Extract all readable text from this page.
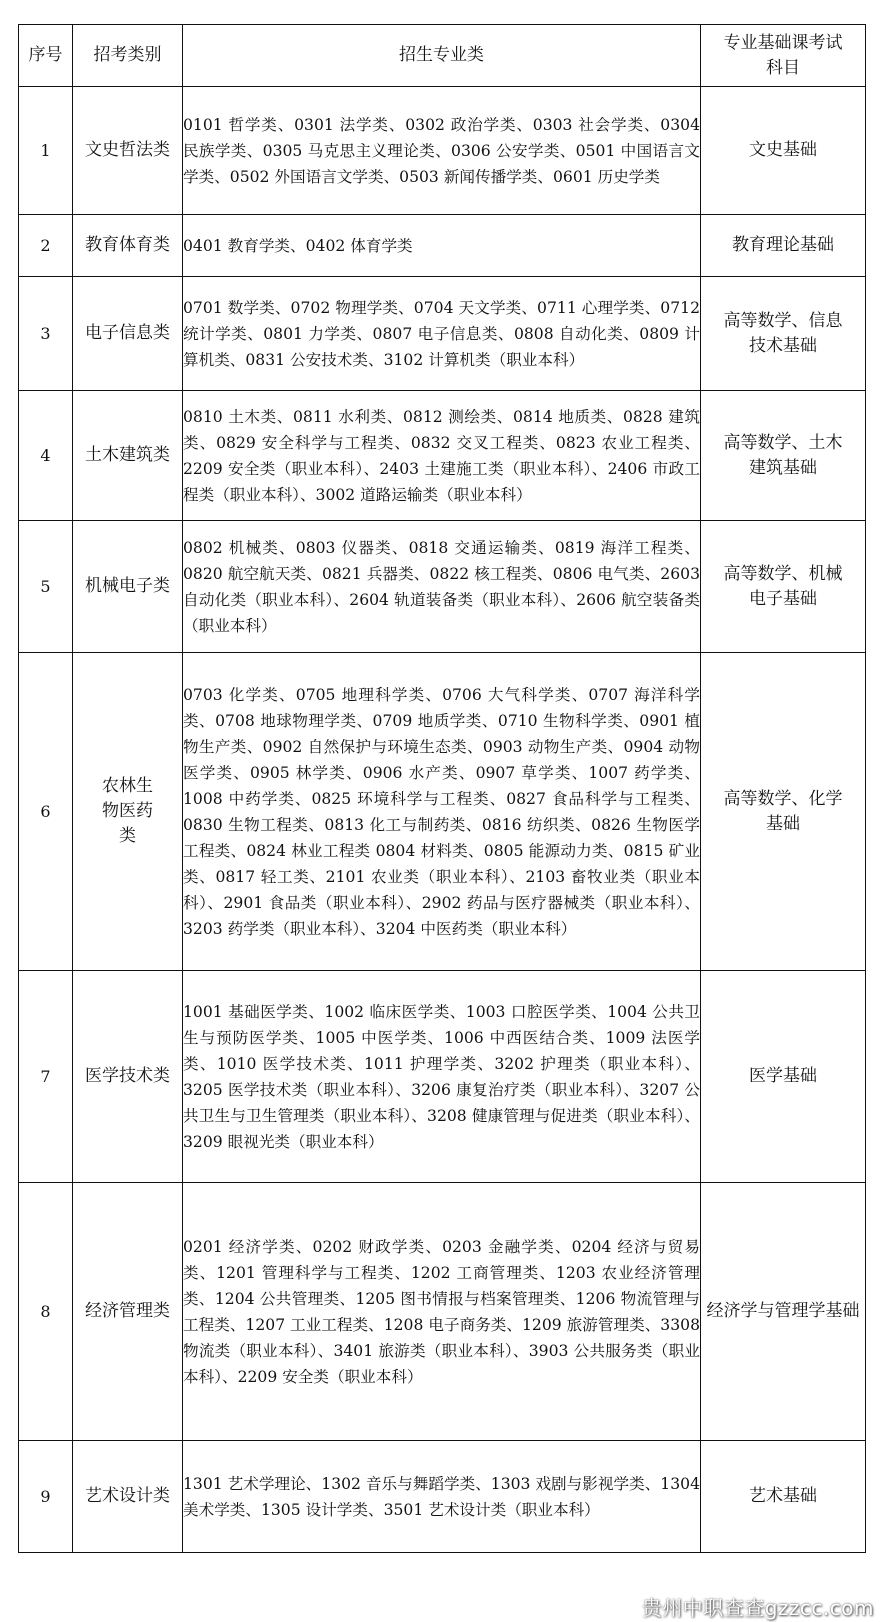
序号	招考类别	招生专业类	专业基础课考试科目
1	文史哲法类	0101 哲学类、0301 法学类、0302 政治学类、0303 社会学类、0304 民族学类、0305 马克思主义理论类、0306 公安学类、0501 中国语言文学类、0502 外国语言文学类、0503 新闻传播学类、0601 历史学类	文史基础
2	教育体育类	0401 教育学类、0402 体育学类	教育理论基础
3	电子信息类	0701 数学类、0702 物理学类、0704 天文学类、0711 心理学类、0712 统计学类、0801 力学类、0807 电子信息类、0808 自动化类、0809 计算机类、0831 公安技术类、3102 计算机类（职业本科）	高等数学、信息技术基础
4	土木建筑类	0810 土木类、0811 水利类、0812 测绘类、0814 地质类、0828 建筑类、0829 安全科学与工程类、0832 交叉工程类、0823 农业工程类、2209 安全类（职业本科）、2403 土建施工类（职业本科）、2406 市政工程类（职业本科）、3002 道路运输类（职业本科）	高等数学、土木建筑基础
5	机械电子类	0802 机械类、0803 仪器类、0818 交通运输类、0819 海洋工程类、0820 航空航天类、0821 兵器类、0822 核工程类、0806 电气类、2603 自动化类（职业本科）、2604 轨道装备类（职业本科）、2606 航空装备类（职业本科）	高等数学、机械电子基础
6	农林生物医药类	0703 化学类、0705 地理科学类、0706 大气科学类、0707 海洋科学类、0708 地球物理学类、0709 地质学类、0710 生物科学类、0901 植物生产类、0902 自然保护与环境生态类、0903 动物生产类、0904 动物医学类、0905 林学类、0906 水产类、0907 草学类、1007 药学类、1008 中药学类、0825 环境科学与工程类、0827 食品科学与工程类、0830 生物工程类、0813 化工与制药类、0816 纺织类、0826 生物医学工程类、0824 林业工程类 0804 材料类、0805 能源动力类、0815 矿业类、0817 轻工类、2101 农业类（职业本科）、2103 畜牧业类（职业本科）、2901 食品类（职业本科）、2902 药品与医疗器械类（职业本科）、3203 药学类（职业本科）、3204 中医药类（职业本科）	高等数学、化学基础
7	医学技术类	1001 基础医学类、1002 临床医学类、1003 口腔医学类、1004 公共卫生与预防医学类、1005 中医学类、1006 中西医结合类、1009 法医学类、1010 医学技术类、1011 护理学类、3202 护理类（职业本科）、3205 医学技术类（职业本科）、3206 康复治疗类（职业本科）、3207 公共卫生与卫生管理类（职业本科）、3208 健康管理与促进类（职业本科）、3209 眼视光类（职业本科）	医学基础
8	经济管理类	0201 经济学类、0202 财政学类、0203 金融学类、0204 经济与贸易类、1201 管理科学与工程类、1202 工商管理类、1203 农业经济管理类、1204 公共管理类、1205 图书情报与档案管理类、1206 物流管理与工程类、1207 工业工程类、1208 电子商务类、1209 旅游管理类、3308 物流类（职业本科）、3401 旅游类（职业本科）、3903 公共服务类（职业本科）、2209 安全类（职业本科）	经济学与管理学基础
9	艺术设计类	1301 艺术学理论、1302 音乐与舞蹈学类、1303 戏剧与影视学类、1304 美术学类、1305 设计学类、3501 艺术设计类（职业本科）	艺术基础
贵州中职查查gzzcc.com
